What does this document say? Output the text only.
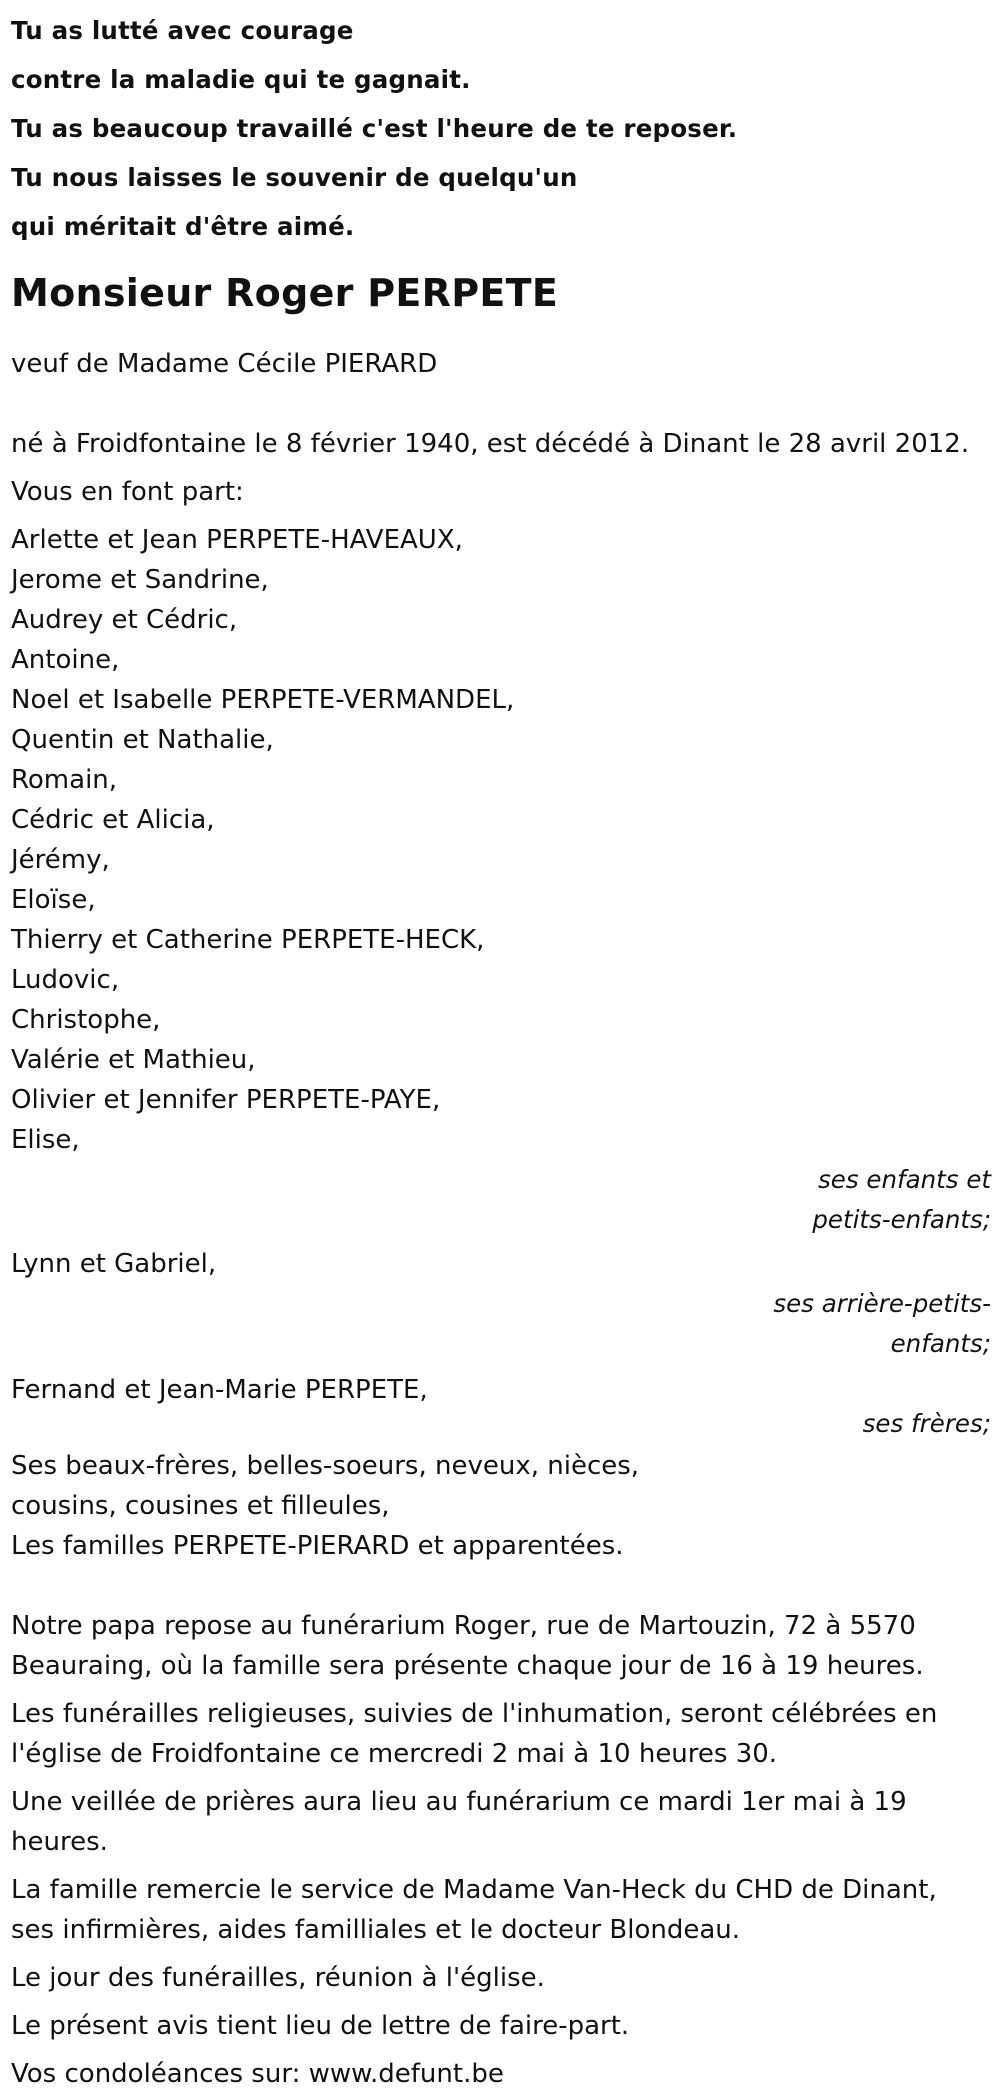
Tu as lutté avec courage
contre la maladie qui te gagnait.
Tu as beaucoup travaillé c'est l'heure de te reposer.
Tu nous laisses le souvenir de quelqu'un
qui méritait d'être aimé.
Monsieur Roger PERPETE
veuf de Madame Cécile PIERARD
né à Froidfontaine le 8 février 1940, est décédé à Dinant le 28 avril 2012.
Vous en font part:
Arlette et Jean PERPETE-HAVEAUX,
Jerome et Sandrine,
Audrey et Cédric,
Antoine,
Noel et Isabelle PERPETE-VERMANDEL,
Quentin et Nathalie,
Romain,
Cédric et Alicia,
Jérémy,
Eloïse,
Thierry et Catherine PERPETE-HECK,
Ludovic,
Christophe,
Valérie et Mathieu,
Olivier et Jennifer PERPETE-PAYE,
Elise,
ses enfants et
petits-enfants;
Lynn et Gabriel,
ses arrière-petits-
enfants;
Fernand et Jean-Marie PERPETE,
ses frères;
Ses beaux-frères, belles-soeurs, neveux, nièces,
cousins, cousines et filleules,
Les familles PERPETE-PIERARD et apparentées.
Notre papa repose au funérarium Roger, rue de Martouzin, 72 à 5570 Beauraing, où la famille sera présente chaque jour de 16 à 19 heures.
Les funérailles religieuses, suivies de l'inhumation, seront célébrées en l'église de Froidfontaine ce mercredi 2 mai à 10 heures 30.
Une veillée de prières aura lieu au funérarium ce mardi 1er mai à 19 heures.
La famille remercie le service de Madame Van-Heck du CHD de Dinant, ses infirmières, aides familliales et le docteur Blondeau.
Le jour des funérailles, réunion à l'église.
Le présent avis tient lieu de lettre de faire-part.
Vos condoléances sur: www.defunt.be
